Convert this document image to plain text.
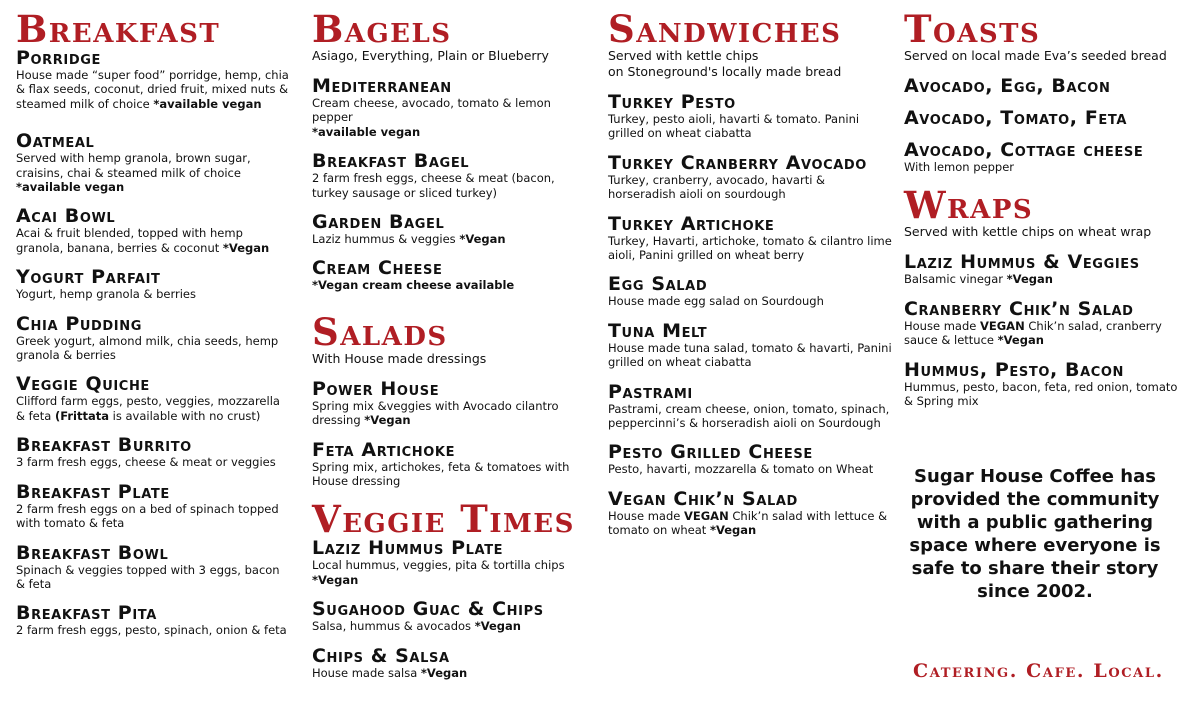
Breakfast
Porridge
House made “super food” porridge, hemp, chia & flax seeds, coconut, dried fruit, mixed nuts & steamed milk of choice *available vegan
Oatmeal
Served with hemp granola, brown sugar, craisins, chai & steamed milk of choice *available vegan
Acai Bowl
Acai & fruit blended, topped with hemp granola, banana, berries & coconut *Vegan
Yogurt Parfait
Yogurt, hemp granola & berries
Chia Pudding
Greek yogurt, almond milk, chia seeds, hemp granola & berries
Veggie Quiche
Clifford farm eggs, pesto, veggies, mozzarella & feta (Frittata is available with no crust)
Breakfast Burrito
3 farm fresh eggs, cheese & meat or veggies
Breakfast Plate
2 farm fresh eggs on a bed of spinach topped with tomato & feta
Breakfast Bowl
Spinach & veggies topped with 3 eggs, bacon & feta
Breakfast Pita
2 farm fresh eggs, pesto, spinach, onion & feta
Bagels

Asiago, Everything, Plain or Blueberry

Mediterranean
Cream cheese, avocado, tomato & lemon pepper
*available vegan
Breakfast Bagel
2 farm fresh eggs, cheese & meat (bacon, turkey sausage or sliced turkey)
Garden Bagel
Laziz hummus & veggies *Vegan
Cream Cheese
*Vegan cream cheese available
Salads

With House made dressings

Power House
Spring mix &veggies with Avocado cilantro dressing *Vegan
Feta Artichoke
Spring mix, artichokes, feta & tomatoes with House dressing
Veggie Times
Laziz Hummus Plate
Local hummus, veggies, pita & tortilla chips
*Vegan
Sugahood Guac & Chips
Salsa, hummus & avocados *Vegan
Chips & Salsa
House made salsa *Vegan
Sandwiches

Served with kettle chips

on Stoneground's locally made bread

Turkey Pesto
Turkey, pesto aioli, havarti & tomato. Panini grilled on wheat ciabatta
Turkey Cranberry Avocado
Turkey, cranberry, avocado, havarti & horseradish aioli on sourdough
Turkey Artichoke
Turkey, Havarti, artichoke, tomato & cilantro lime aioli, Panini grilled on wheat berry
Egg Salad
House made egg salad on Sourdough
Tuna Melt
House made tuna salad, tomato & havarti, Panini grilled on wheat ciabatta
Pastrami
Pastrami, cream cheese, onion, tomato, spinach, peppercinni’s & horseradish aioli on Sourdough
Pesto Grilled Cheese
Pesto, havarti, mozzarella & tomato on Wheat
Vegan Chik’n Salad
House made VEGAN Chik’n salad with lettuce & tomato on wheat *Vegan
Toasts

Served on local made Eva’s seeded bread

Avocado, Egg, Bacon
Avocado, Tomato, Feta
Avocado, Cottage cheese
With lemon pepper
Wraps

Served with kettle chips on wheat wrap

Laziz Hummus & Veggies
Balsamic vinegar *Vegan
Cranberry Chik’n Salad
House made VEGAN Chik’n salad, cranberry sauce & lettuce *Vegan
Hummus, Pesto, Bacon
Hummus, pesto, bacon, feta, red onion, tomato & Spring mix
Sugar House Coffee has provided the community with a public gathering space where everyone is safe to share their story since 2002.
Catering. Cafe. Local.
